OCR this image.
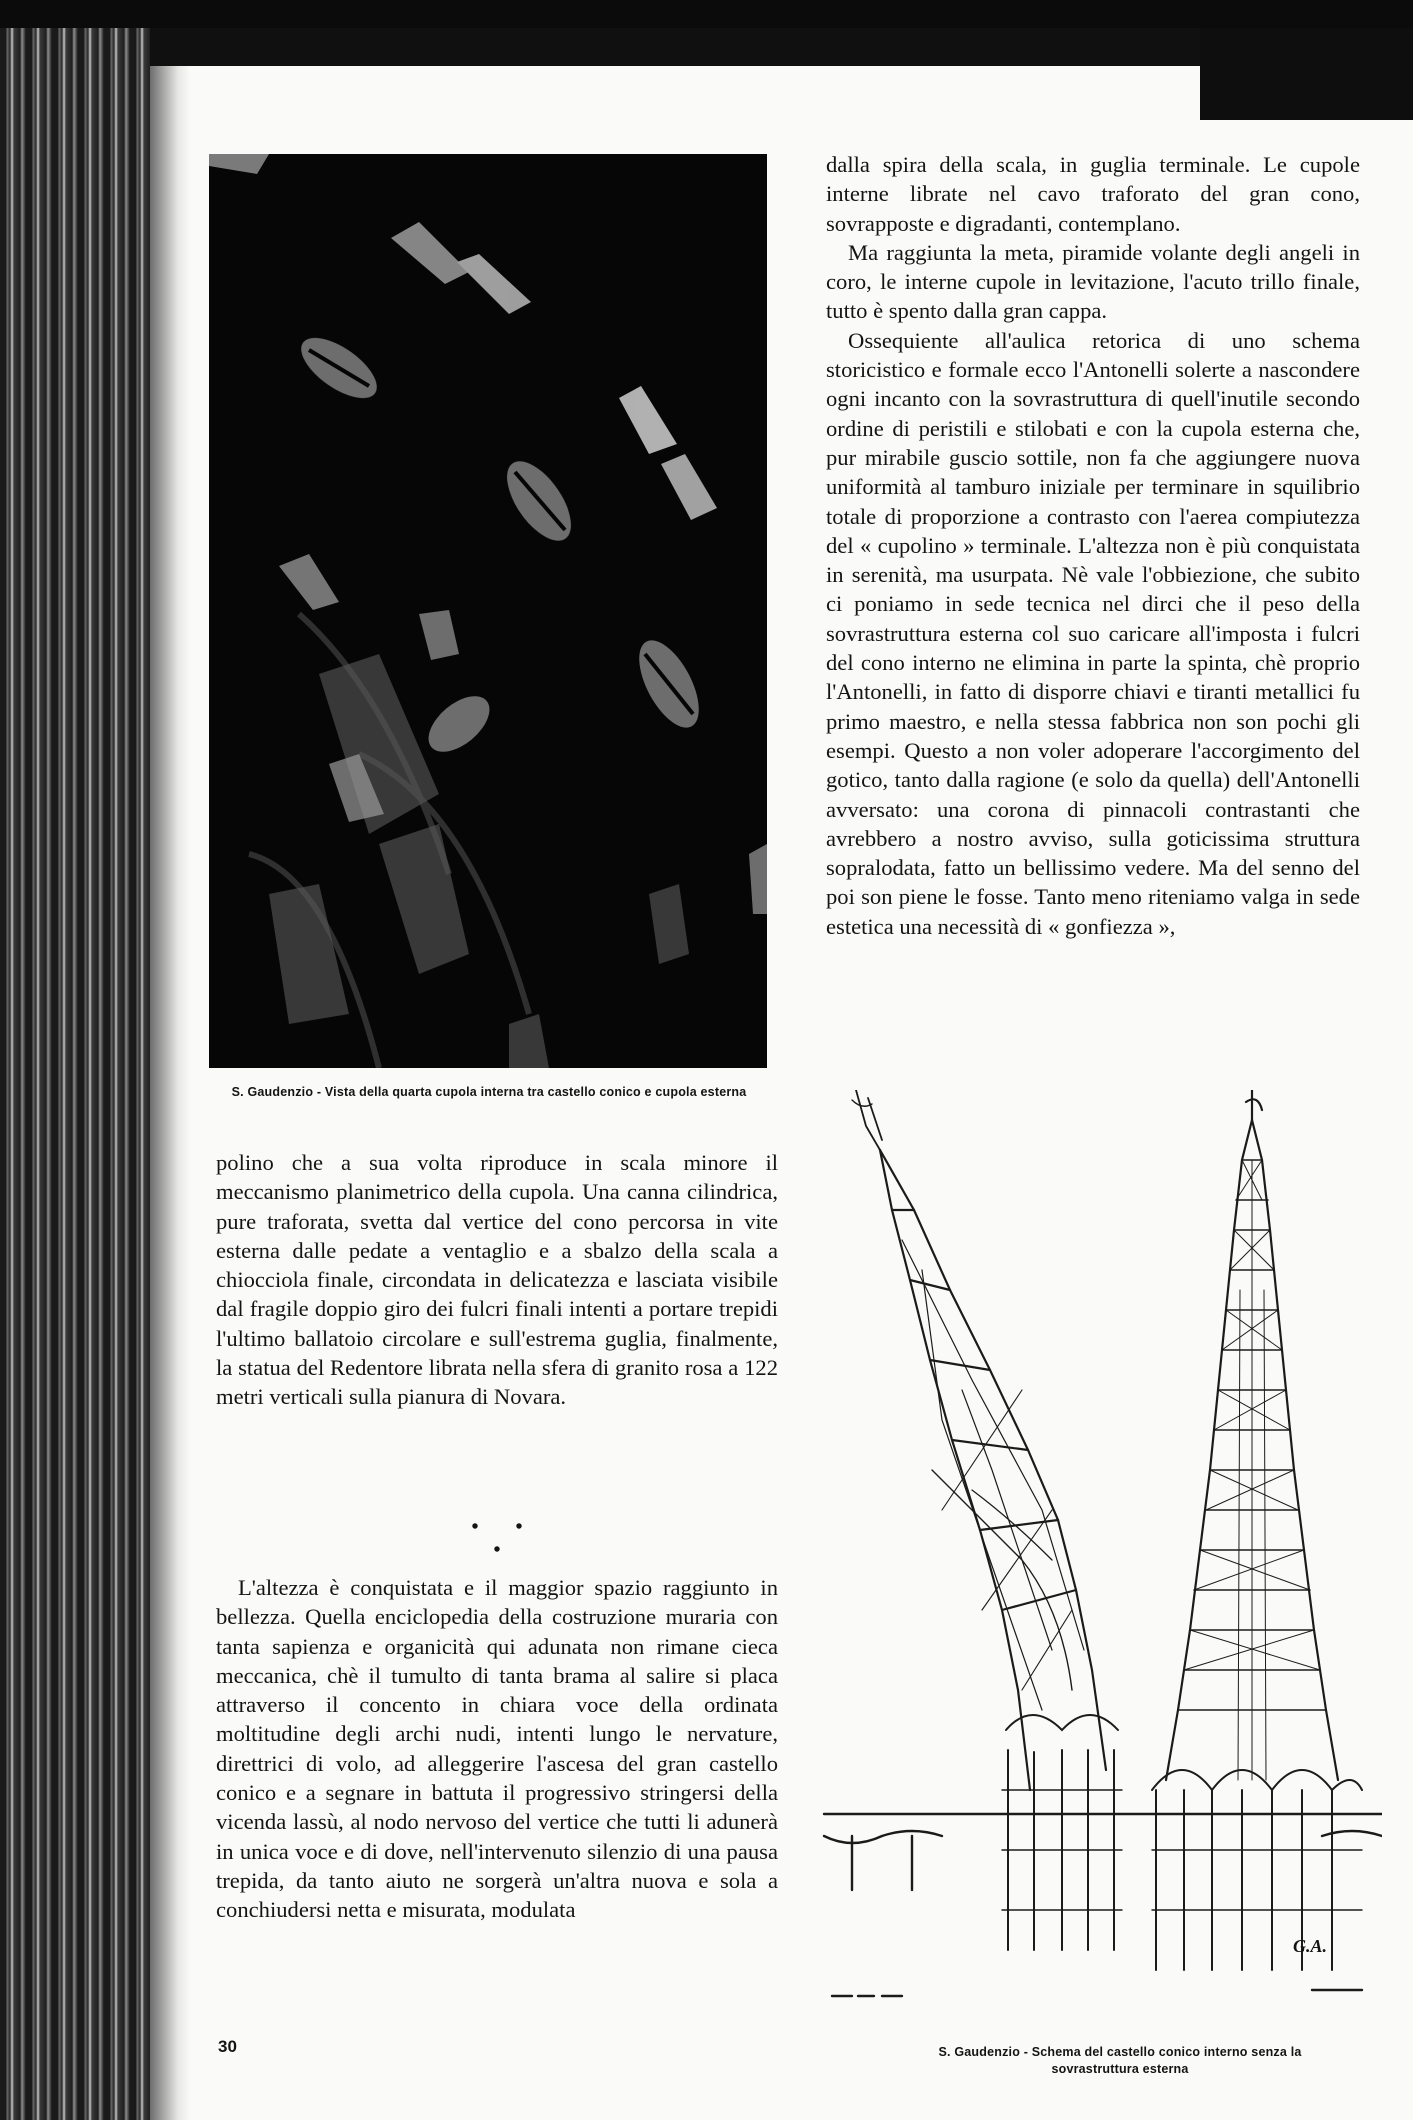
S. Gaudenzio - Vista della quarta cupola interna tra castello conico e cupola esterna

dalla spira della scala, in guglia terminale. Le cupole interne librate nel cavo traforato del gran cono, sovrapposte e digradanti, contemplano.

Ma raggiunta la meta, piramide volante degli angeli in coro, le interne cupole in levitazione, l'acuto trillo finale, tutto è spento dalla gran cappa.

Ossequiente all'aulica retorica di uno schema storicistico e formale ecco l'Antonelli solerte a nascondere ogni incanto con la sovrastruttura di quell'inutile secondo ordine di peristili e stilobati e con la cupola esterna che, pur mirabile guscio sottile, non fa che aggiungere nuova uniformità al tamburo iniziale per terminare in squilibrio totale di proporzione a contrasto con l'aerea compiutezza del « cupolino » terminale. L'altezza non è più conquistata in serenità, ma usurpata. Nè vale l'obbiezione, che subito ci poniamo in sede tecnica nel dirci che il peso della sovrastruttura esterna col suo caricare all'imposta i fulcri del cono interno ne elimina in parte la spinta, chè proprio l'Antonelli, in fatto di disporre chiavi e tiranti metallici fu primo maestro, e nella stessa fabbrica non son pochi gli esempi. Questo a non voler adoperare l'accorgimento del gotico, tanto dalla ragione (e solo da quella) dell'Antonelli avversato: una corona di pinnacoli contrastanti che avrebbero a nostro avviso, sulla goticissima struttura sopralodata, fatto un bellissimo vedere. Ma del senno del poi son piene le fosse. Tanto meno riteniamo valga in sede estetica una necessità di « gonfiezza »,

polino che a sua volta riproduce in scala minore il meccanismo planimetrico della cupola. Una canna cilindrica, pure traforata, svetta dal vertice del cono percorsa in vite esterna dalle pedate a ventaglio e a sbalzo della scala a chiocciola finale, circondata in delicatezza e lasciata visibile dal fragile doppio giro dei fulcri finali intenti a portare trepidi l'ultimo ballatoio circolare e sull'estrema guglia, finalmente, la statua del Redentore librata nella sfera di granito rosa a 122 metri verticali sulla pianura di Novara.

• • •

L'altezza è conquistata e il maggior spazio raggiunto in bellezza. Quella enciclopedia della costruzione muraria con tanta sapienza e organicità qui adunata non rimane cieca meccanica, chè il tumulto di tanta brama al salire si placa attraverso il concento in chiara voce della ordinata moltitudine degli archi nudi, intenti lungo le nervature, direttrici di volo, ad alleggerire l'ascesa del gran castello conico e a segnare in battuta il progressivo stringersi della vicenda lassù, al nodo nervoso del vertice che tutti li adunerà in unica voce e di dove, nell'intervenuto silenzio di una pausa trepida, da tanto aiuto ne sorgerà un'altra nuova e sola a conchiudersi netta e misurata, modulata

G.A.
S. Gaudenzio - Schema del castello conico interno senza la sovrastruttura esterna
30
